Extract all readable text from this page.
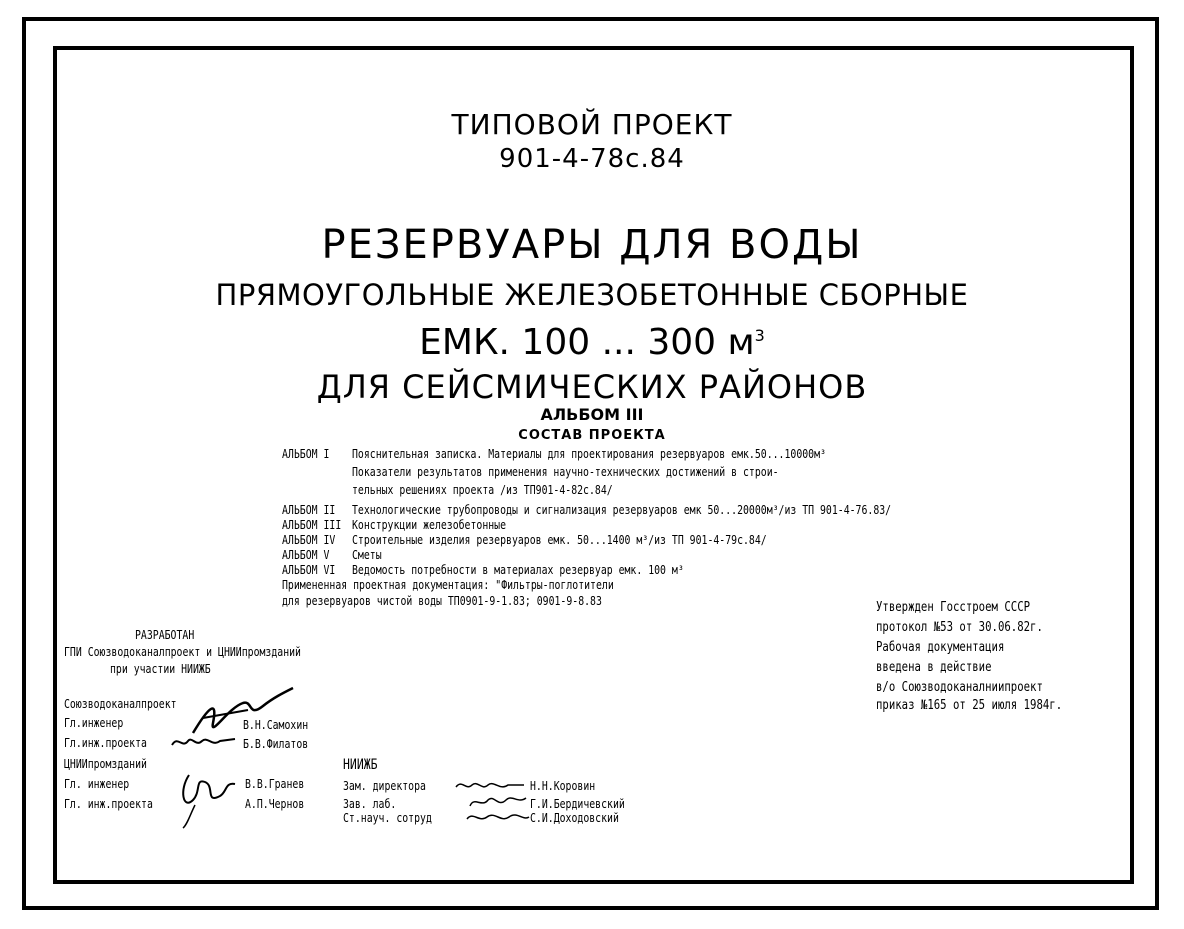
ТИПОВОЙ ПРОЕКТ
901-4-78с.84
РЕЗЕРВУАРЫ ДЛЯ ВОДЫ
ПРЯМОУГОЛЬНЫЕ ЖЕЛЕЗОБЕТОННЫЕ СБОРНЫЕ
ЕМК. 100 ... 300 $м^3$
ДЛЯ СЕЙСМИЧЕСКИХ РАЙОНОВ
АЛЬБОМ III
СОСТАВ ПРОЕКТА
АЛЬБОМ I Пояснительная записка. Материалы для проектирования резервуаров емк.50...10000м³
Показатели результатов применения научно-технических достижений в строи-
тельных решениях проекта /из ТП901-4-82с.84/
АЛЬБОМ II Технологические трубопроводы и сигнализация резервуаров емк 50...20000м³/из ТП 901-4-76.83/
АЛЬБОМ III Конструкции железобетонные
АЛЬБОМ IV Строительные изделия резервуаров емк. 50...1400 м³/из ТП 901-4-79с.84/
АЛЬБОМ V Сметы
АЛЬБОМ VI Ведомость потребности в материалах резервуар емк. 100 м³
Примененная проектная документация: "Фильтры-поглотители
для резервуаров чистой воды ТП0901-9-1.83; 0901-9-8.83
РАЗРАБОТАН
ГПИ Союзводоканалпроект и ЦНИИпромзданий
при участии НИИЖБ
Утвержден Госстроем СССР
протокол №53 от 30.06.82г.
Рабочая документация
введена в действие
в/о Союзводоканалниипроект
приказ №165 от 25 июля 1984г.
Союзводоканалпроект
Гл.инженер	В.Н.Самохин
Гл.инж.проекта	Б.В.Филатов
ЦНИИпромзданий
Гл. инженер	В.В.Гранев
Гл. инж.проекта	А.П.Чернов
НИИЖБ
Зам. директора	Н.Н.Коровин
Зав. лаб.	Г.И.Бердичевский
Ст.науч. сотруд	С.И.Доходовский
